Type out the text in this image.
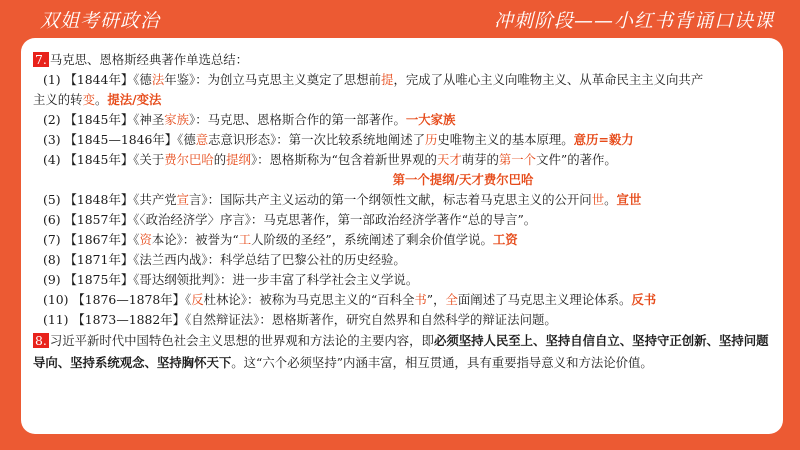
双姐考研政治	冲刺阶段——小红书背诵口诀课
7. 马克思、恩格斯经典著作单选总结：
(1) 【1844年】《德法年鉴》：为创立马克思主义奠定了思想前提，完成了从唯心主义向唯物主义、从革命民主主义向共产
主义的转变。提法/变法
(2) 【1845年】《神圣家族》：马克思、恩格斯合作的第一部著作。一大家族
(3) 【1845—1846年】《德意志意识形态》：第一次比较系统地阐述了历史唯物主义的基本原理。意历=毅力
(4) 【1845年】《关于费尔巴哈的提纲》：恩格斯称为“包含着新世界观的天才萌芽的第一个文件”的著作。
第一个提纲/天才费尔巴哈
(5) 【1848年】《共产党宣言》：国际共产主义运动的第一个纲领性文献，标志着马克思主义的公开问世。宣世
(6) 【1857年】《〈政治经济学〉序言》：马克思著作，第一部政治经济学著作“总的导言”。
(7) 【1867年】《资本论》：被誉为“工人阶级的圣经”，系统阐述了剩余价值学说。工资
(8) 【1871年】《法兰西内战》：科学总结了巴黎公社的历史经验。
(9) 【1875年】《哥达纲领批判》：进一步丰富了科学社会主义学说。
(10) 【1876—1878年】《反杜林论》：被称为马克思主义的“百科全书”，全面阐述了马克思主义理论体系。反书
(11) 【1873—1882年】《自然辩证法》：恩格斯著作，研究自然界和自然科学的辩证法问题。
8. 习近平新时代中国特色社会主义思想的世界观和方法论的主要内容，即必须坚持人民至上、坚持自信自立、坚持守正创新、坚持问题导向、坚持系统观念、坚持胸怀天下。这“六个必须坚持”内涵丰富，相互贯通，具有重要指导意义和方法论价值。
